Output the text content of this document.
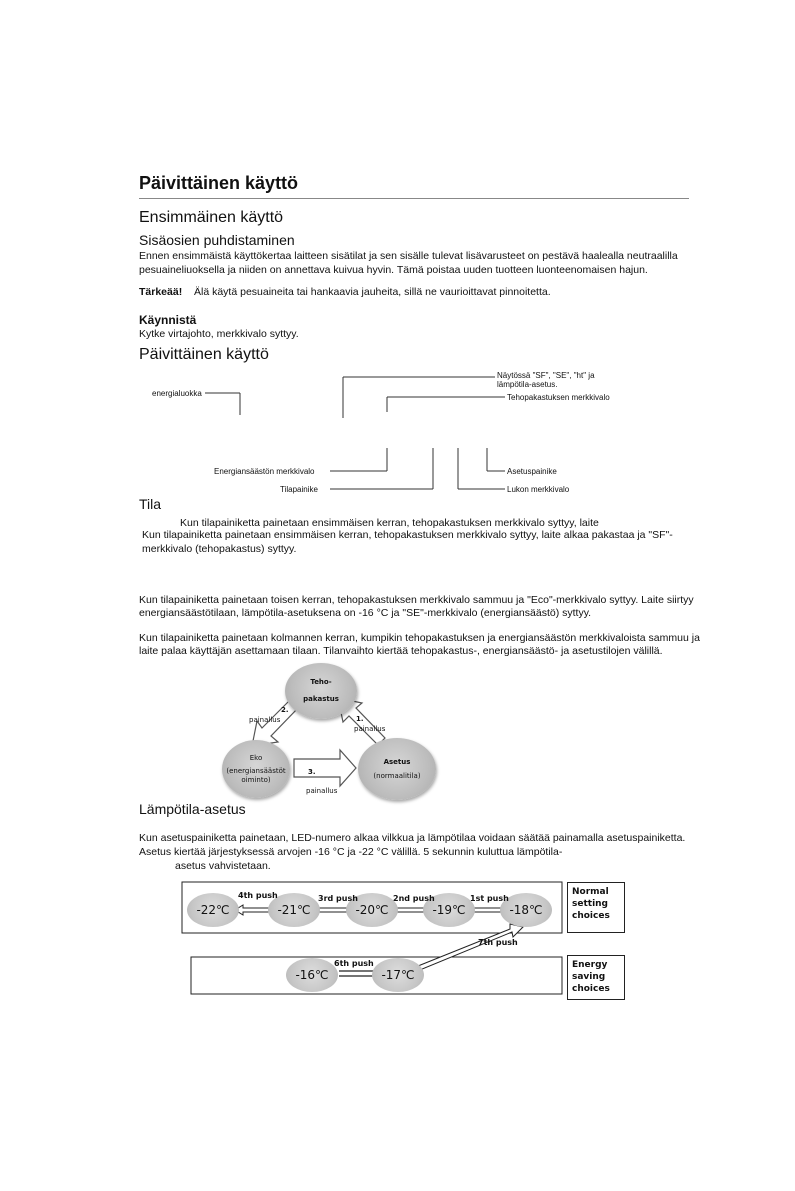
Päivittäinen käyttö
Ensimmäinen käyttö
Sisäosien puhdistaminen
Ennen ensimmäistä käyttökertaa laitteen sisätilat ja sen sisälle tulevat lisävarusteet on pestävä haalealla neutraalilla
pesuaineliuoksella ja niiden on annettava kuivua hyvin. Tämä poistaa uuden tuotteen luonteenomaisen hajun.
Tärkeää! Älä käytä pesuaineita tai hankaavia jauheita, sillä ne vaurioittavat pinnoitetta.
Käynnistä
Kytke virtajohto, merkkivalo syttyy.
Päivittäinen käyttö
energialuokka
Näytössä "SF", "SE", "ht" ja
lämpötila-asetus.
Tehopakastuksen merkkivalo
Energiansäästön merkkivalo
Tilapainike
Asetuspainike
Lukon merkkivalo
Tila
Kun tilapainiketta painetaan ensimmäisen kerran, tehopakastuksen merkkivalo syttyy, laite
Kun tilapainiketta painetaan ensimmäisen kerran, tehopakastuksen merkkivalo syttyy, laite alkaa pakastaa ja "SF"-
merkkivalo (tehopakastus) syttyy.
Kun tilapainiketta painetaan toisen kerran, tehopakastuksen merkkivalo sammuu ja "Eco"-merkkivalo syttyy. Laite siirtyy
energiansäästötilaan, lämpötila-asetuksena on -16 °C ja "SE"-merkkivalo (energiansäästö) syttyy.
Kun tilapainiketta painetaan kolmannen kerran, kumpikin tehopakastuksen ja energiansäästön merkkivaloista sammuu ja
laite palaa käyttäjän asettamaan tilaan. Tilanvaihto kiertää tehopakastus-, energiansäästö- ja asetustilojen välillä.
Teho-
pakastus
Eko
(energiansäästöt
oiminto)
Asetus
(normaalitila)
2.
painallus	1.
painallus
3.
painallus
Lämpötila-asetus
Kun asetuspainiketta painetaan, LED-numero alkaa vilkkua ja lämpötilaa voidaan säätää painamalla asetuspainiketta.
Asetus kiertää järjestyksessä arvojen -16 °C ja -22 °C välillä. 5 sekunnin kuluttua lämpötila-
asetus vahvistetaan.
-22℃	-21℃	-20℃	-19℃	-18℃
-16℃	-17℃
4th push	3rd push	2nd push	1st push
7th push
6th push
Normal
setting
choices
Energy
saving
choices
